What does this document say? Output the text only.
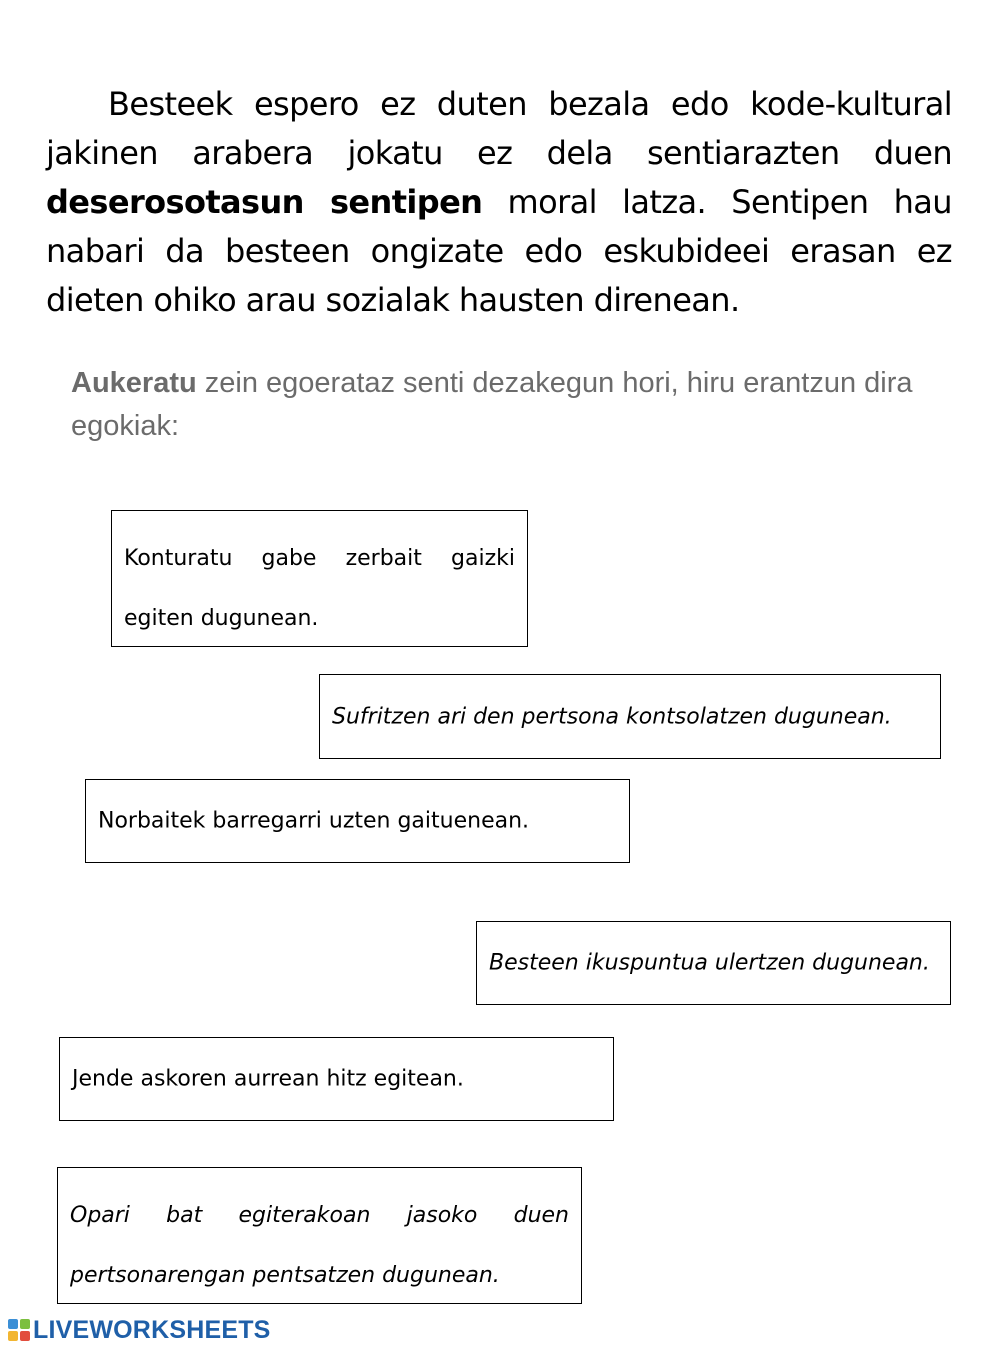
Besteek espero ez duten bezala edo kode-kultural jakinen arabera jokatu ez dela sentiarazten duen deserosotasun sentipen moral latza. Sentipen hau nabari da besteen ongizate edo eskubideei erasan ez dieten ohiko arau sozialak hausten direnean.

Aukeratu zein egoerataz senti dezakegun hori, hiru erantzun dira egokiak:

Konturatu gabe zerbait gaizki egiten dugunean.
Sufritzen ari den pertsona kontsolatzen dugunean.
Norbaitek barregarri uzten gaituenean.
Besteen ikuspuntua ulertzen dugunean.
Jende askoren aurrean hitz egitean.
Opari bat egiterakoan jasoko duen pertsonarengan pentsatzen dugunean.
LIVEWORKSHEETS
